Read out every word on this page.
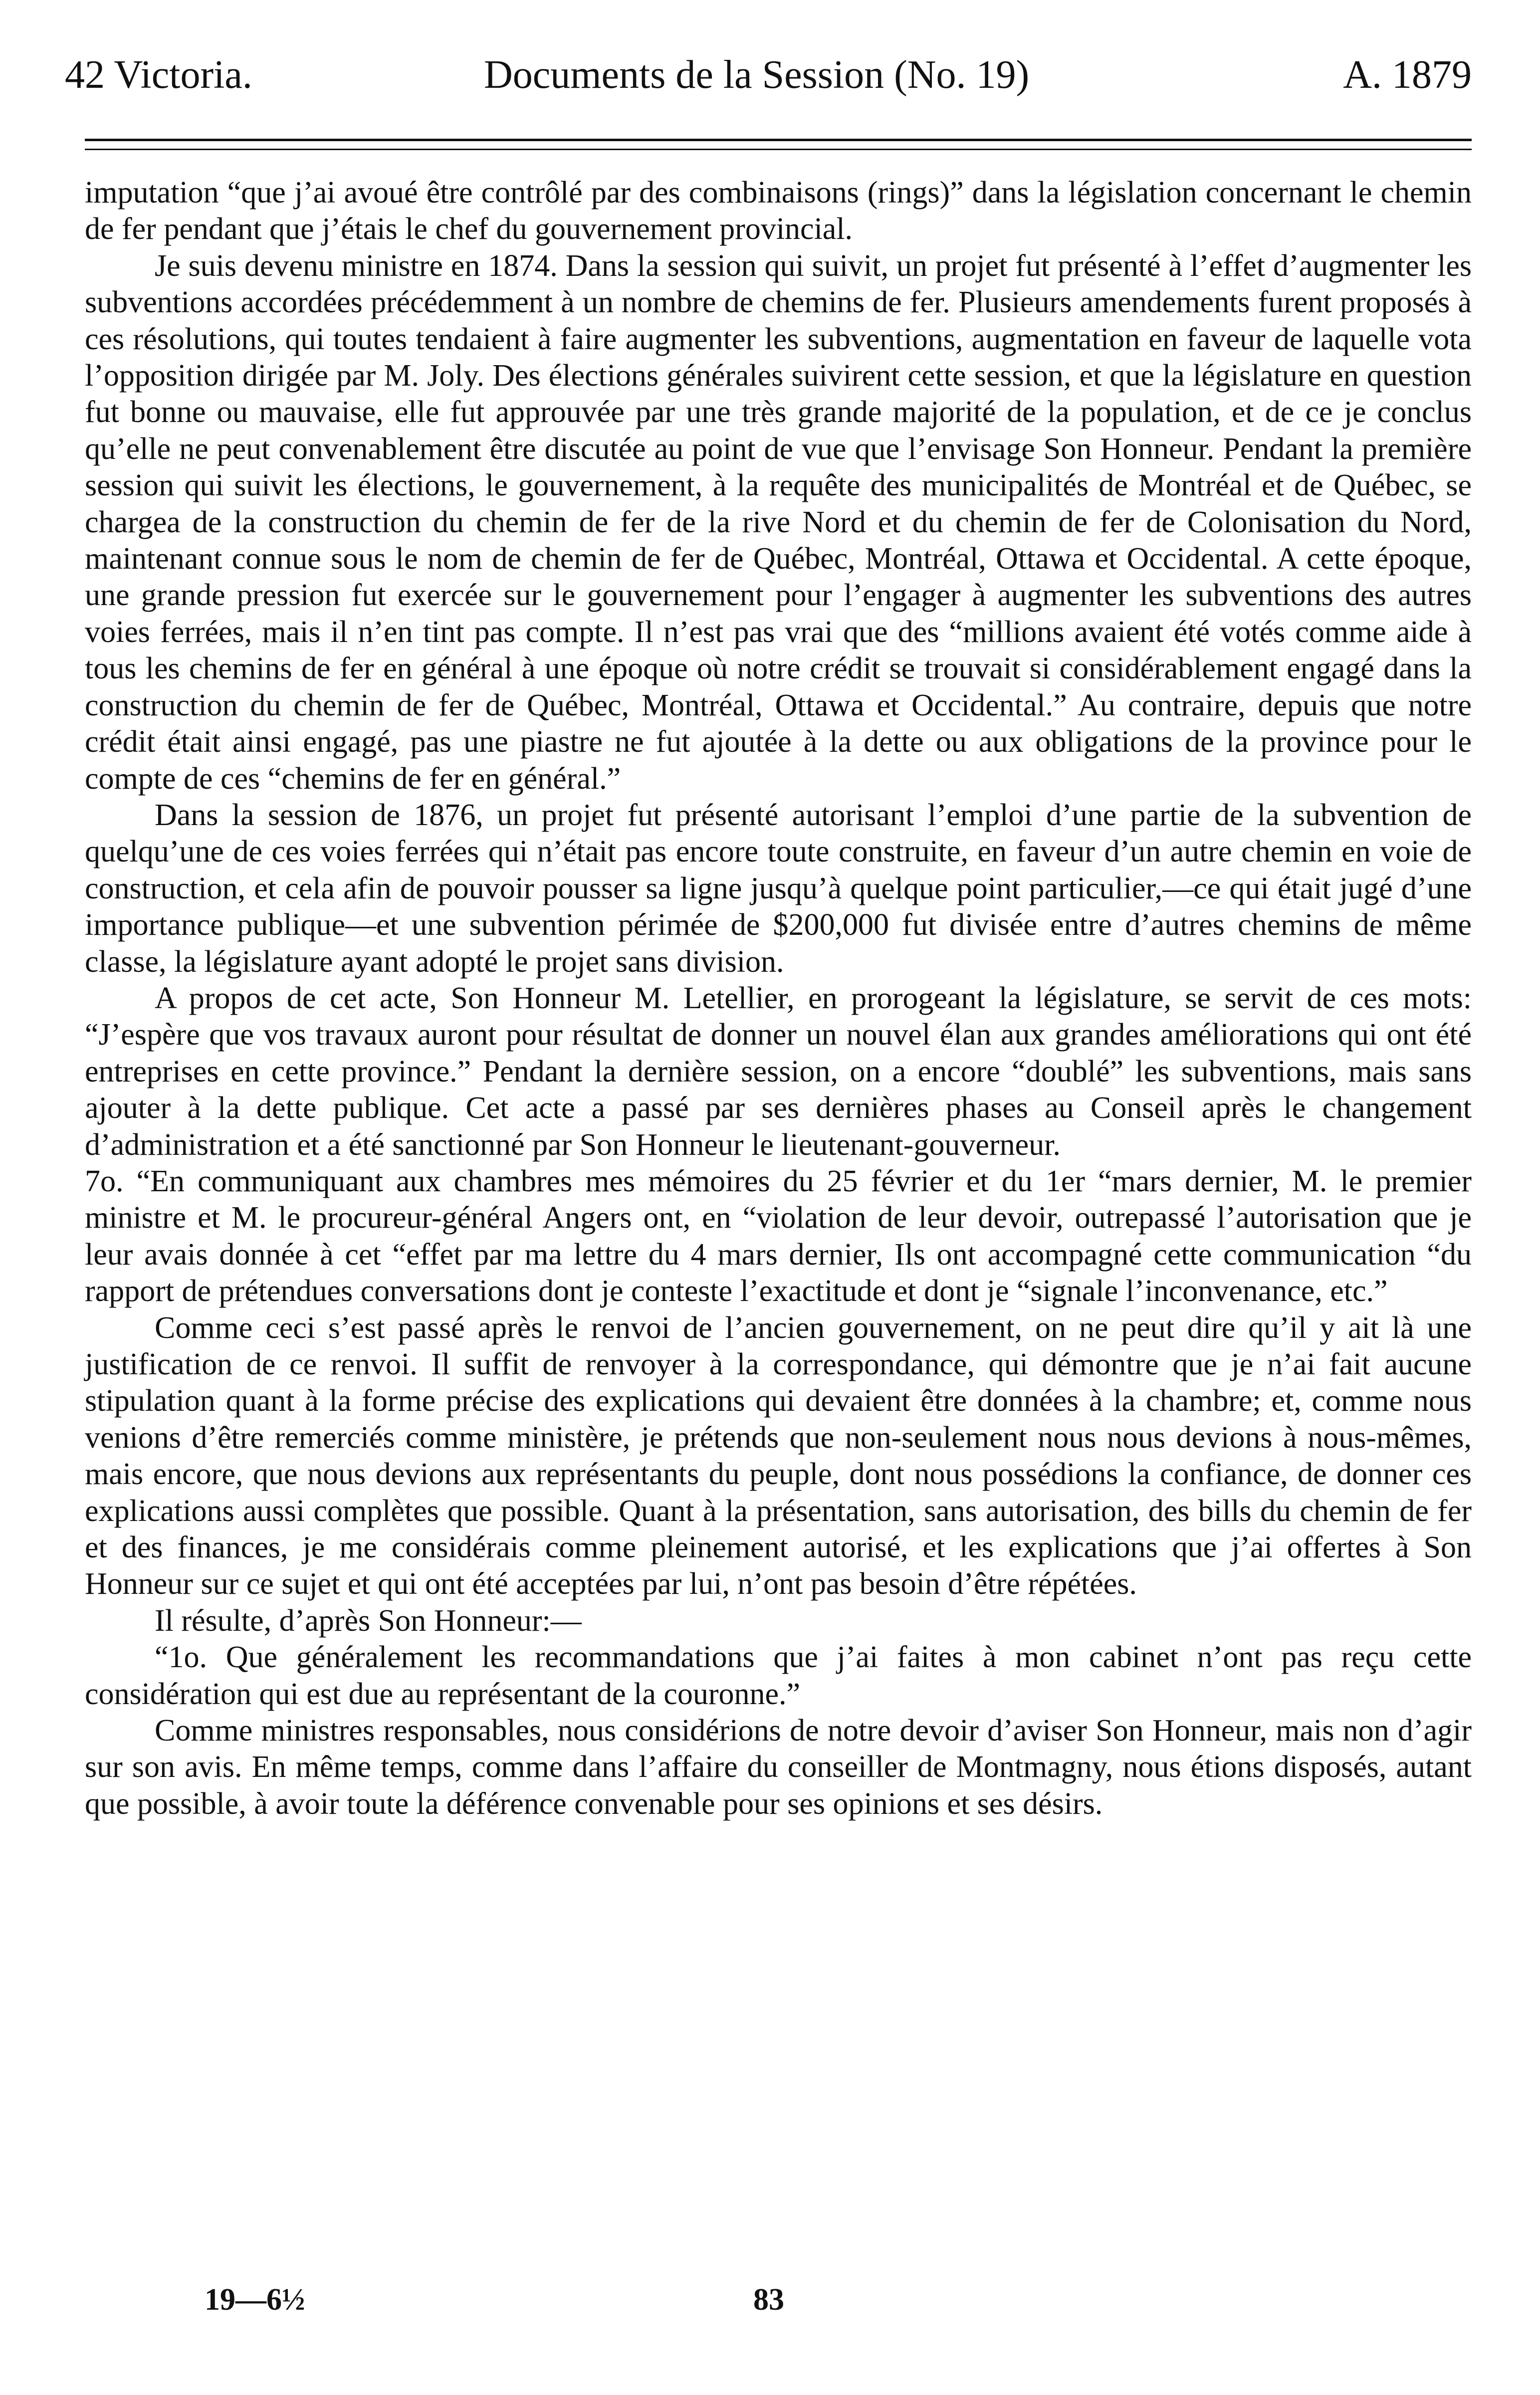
42 Victoria.	Documents de la Session (No. 19)	A. 1879

imputation “que j’ai avoué être contrôlé par des combinaisons (rings)” dans la législation concernant le chemin de fer pendant que j’étais le chef du gouvernement provincial.

Je suis devenu ministre en 1874. Dans la session qui suivit, un projet fut présenté à l’effet d’augmenter les subventions accordées précédemment à un nombre de chemins de fer. Plusieurs amendements furent proposés à ces résolutions, qui toutes tendaient à faire augmenter les subventions, augmentation en faveur de laquelle vota l’opposition dirigée par M. Joly. Des élections générales suivirent cette session, et que la législature en question fut bonne ou mauvaise, elle fut approuvée par une très grande majorité de la population, et de ce je conclus qu’elle ne peut convenablement être discutée au point de vue que l’envisage Son Honneur. Pendant la première session qui suivit les élections, le gouvernement, à la requête des municipalités de Montréal et de Québec, se chargea de la construction du chemin de fer de la rive Nord et du chemin de fer de Colonisation du Nord, maintenant connue sous le nom de chemin de fer de Québec, Montréal, Ottawa et Occidental. A cette époque, une grande pression fut exercée sur le gouvernement pour l’engager à augmenter les subventions des autres voies ferrées, mais il n’en tint pas compte. Il n’est pas vrai que des “millions avaient été votés comme aide à tous les chemins de fer en général à une époque où notre crédit se trouvait si considérablement engagé dans la construction du chemin de fer de Québec, Montréal, Ottawa et Occidental.” Au contraire, depuis que notre crédit était ainsi engagé, pas une piastre ne fut ajoutée à la dette ou aux obligations de la province pour le compte de ces “chemins de fer en général.”

Dans la session de 1876, un projet fut présenté autorisant l’emploi d’une partie de la subvention de quelqu’une de ces voies ferrées qui n’était pas encore toute construite, en faveur d’un autre chemin en voie de construction, et cela afin de pouvoir pousser sa ligne jusqu’à quelque point particulier,—ce qui était jugé d’une importance publique—et une subvention périmée de $200,000 fut divisée entre d’autres chemins de même classe, la législature ayant adopté le projet sans division.

A propos de cet acte, Son Honneur M. Letellier, en prorogeant la législature, se servit de ces mots: “J’espère que vos travaux auront pour résultat de donner un nouvel élan aux grandes améliorations qui ont été entreprises en cette province.” Pendant la dernière session, on a encore “doublé” les subventions, mais sans ajouter à la dette publique. Cet acte a passé par ses dernières phases au Conseil après le changement d’administration et a été sanctionné par Son Honneur le lieutenant-gouverneur.

7o. “En communiquant aux chambres mes mémoires du 25 février et du 1er “mars dernier, M. le premier ministre et M. le procureur-général Angers ont, en “violation de leur devoir, outrepassé l’autorisation que je leur avais donnée à cet “effet par ma lettre du 4 mars dernier, Ils ont accompagné cette communication “du rapport de prétendues conversations dont je conteste l’exactitude et dont je “signale l’inconvenance, etc.”

Comme ceci s’est passé après le renvoi de l’ancien gouvernement, on ne peut dire qu’il y ait là une justification de ce renvoi. Il suffit de renvoyer à la correspondance, qui démontre que je n’ai fait aucune stipulation quant à la forme précise des explications qui devaient être données à la chambre; et, comme nous venions d’être remerciés comme ministère, je prétends que non-seulement nous nous devions à nous-mêmes, mais encore, que nous devions aux représentants du peuple, dont nous possédions la confiance, de donner ces explications aussi complètes que possible. Quant à la présentation, sans autorisation, des bills du chemin de fer et des finances, je me considérais comme pleinement autorisé, et les explications que j’ai offertes à Son Honneur sur ce sujet et qui ont été acceptées par lui, n’ont pas besoin d’être répétées.

Il résulte, d’après Son Honneur:—

“1o. Que généralement les recommandations que j’ai faites à mon cabinet n’ont pas reçu cette considération qui est due au représentant de la couronne.”

Comme ministres responsables, nous considérions de notre devoir d’aviser Son Honneur, mais non d’agir sur son avis. En même temps, comme dans l’affaire du conseiller de Montmagny, nous étions disposés, autant que possible, à avoir toute la déférence convenable pour ses opinions et ses désirs.

19—6½	83
